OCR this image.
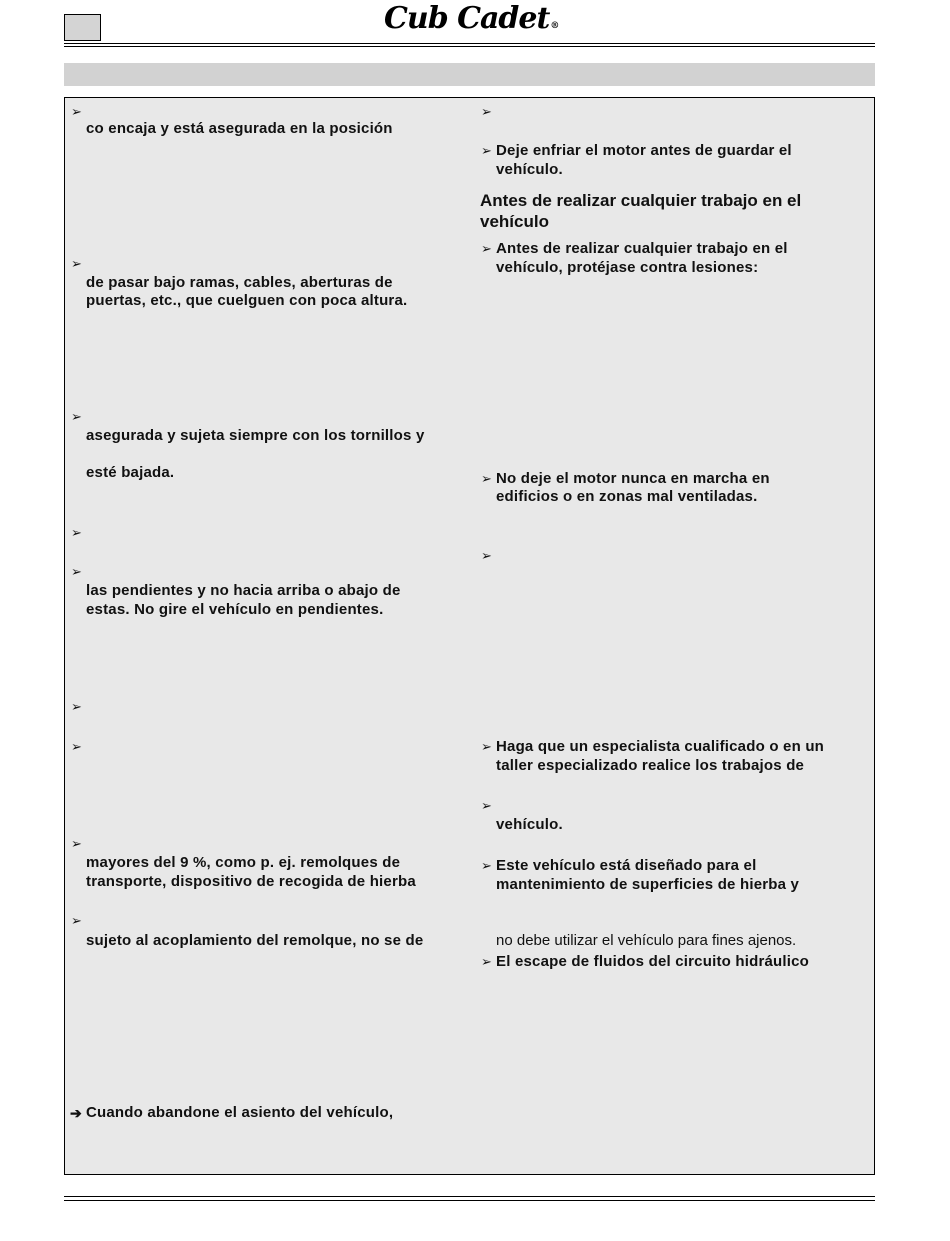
Cub Cadet®
➢
co encaja y está asegurada en la posición
➢
de pasar bajo ramas, cables, aberturas de
puertas, etc., que cuelguen con poca altura.
➢
asegurada y sujeta siempre con los tornillos y
esté bajada.
➢
➢
las pendientes y no hacia arriba o abajo de
estas. No gire el vehículo en pendientes.
➢
➢
➢
mayores del 9 %, como p. ej. remolques de
transporte, dispositivo de recogida de hierba
➢
sujeto al acoplamiento del remolque, no se de
➔ Cuando abandone el asiento del vehículo,
➢
➢ Deje enfriar el motor antes de guardar el
vehículo.
Antes de realizar cualquier trabajo en el
vehículo
➢ Antes de realizar cualquier trabajo en el
vehículo, protéjase contra lesiones:
➢ No deje el motor nunca en marcha en
edificios o en zonas mal ventiladas.
➢
➢ Haga que un especialista cualificado o en un
taller especializado realice los trabajos de
➢
vehículo.
➢ Este vehículo está diseñado para el
mantenimiento de superficies de hierba y
no debe utilizar el vehículo para fines ajenos.
➢ El escape de fluidos del circuito hidráulico
